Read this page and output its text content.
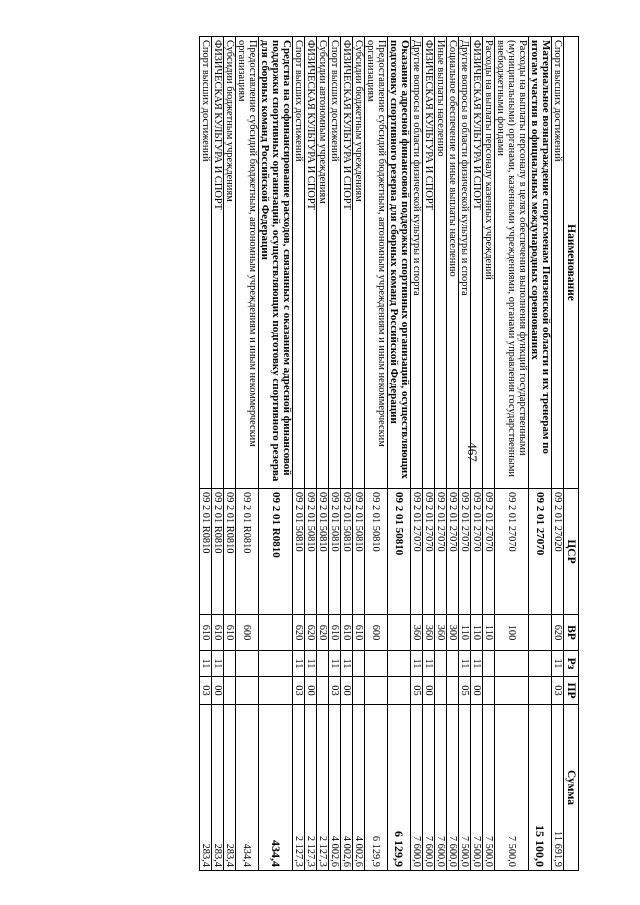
467
Наименование	ЦСР	ВР	Рз	ПР	Сумма
Спорт высших достижений	09 2 01 27020	620	11	03	11 691,9
Материальное вознаграждение спортсменам Пензенской области и их тренерам по итогам участия в официальных международных соревнованиях	09 2 01 27070				15 100,0
Расходы на выплаты персоналу в целях обеспечения выполнения функций государственными (муниципальными) органами, казенными учреждениями, органами управления государственными внебюджетными фондами	09 2 01 27070	100			7 500,0
Расходы на выплаты персоналу казенных учреждений	09 2 01 27070	110			7 500,0
ФИЗИЧЕСКАЯ КУЛЬТУРА И СПОРТ	09 2 01 27070	110	11	00	7 500,0
Другие вопросы в области физической культуры и спорта	09 2 01 27070	110	11	05	7 500,0
Социальное обеспечение и иные выплаты населению	09 2 01 27070	300			7 600,0
Иные выплаты населению	09 2 01 27070	360			7 600,0
ФИЗИЧЕСКАЯ КУЛЬТУРА И СПОРТ	09 2 01 27070	360	11	00	7 600,0
Другие вопросы в области физической культуры и спорта	09 2 01 27070	360	11	05	7 600,0
Оказание адресной финансовой поддержки спортивных организаций, осуществляющих подготовку спортивного резерва для сборных команд Российской Федерации	09 2 01 50810				6 129,9
Предоставление субсидий бюджетным, автономным учреждениям и иным некоммерческим организациям	09 2 01 50810	600			6 129,9
Субсидии бюджетным учреждениям	09 2 01 50810	610			4 002,6
ФИЗИЧЕСКАЯ КУЛЬТУРА И СПОРТ	09 2 01 50810	610	11	00	4 002,6
Спорт высших достижений	09 2 01 50810	610	11	03	4 002,6
Субсидии автономным учреждениям	09 2 01 50810	620			2 127,3
ФИЗИЧЕСКАЯ КУЛЬТУРА И СПОРТ	09 2 01 50810	620	11	00	2 127,3
Спорт высших достижений	09 2 01 50810	620	11	03	2 127,3
Средства на софинансирование расходов, связанных с оказанием адресной финансовой поддержки спортивных организаций, осуществляющих подготовку спортивного резерва для сборных команд Российской Федерации	09 2 01 R0810				434,4
Предоставление субсидий бюджетным, автономным учреждениям и иным некоммерческим организациям	09 2 01 R0810	600			434,4
Субсидии бюджетным учреждениям	09 2 01 R0810	610			283,4
ФИЗИЧЕСКАЯ КУЛЬТУРА И СПОРТ	09 2 01 R0810	610	11	00	283,4
Спорт высших достижений	09 2 01 R0810	610	11	03	283,4
